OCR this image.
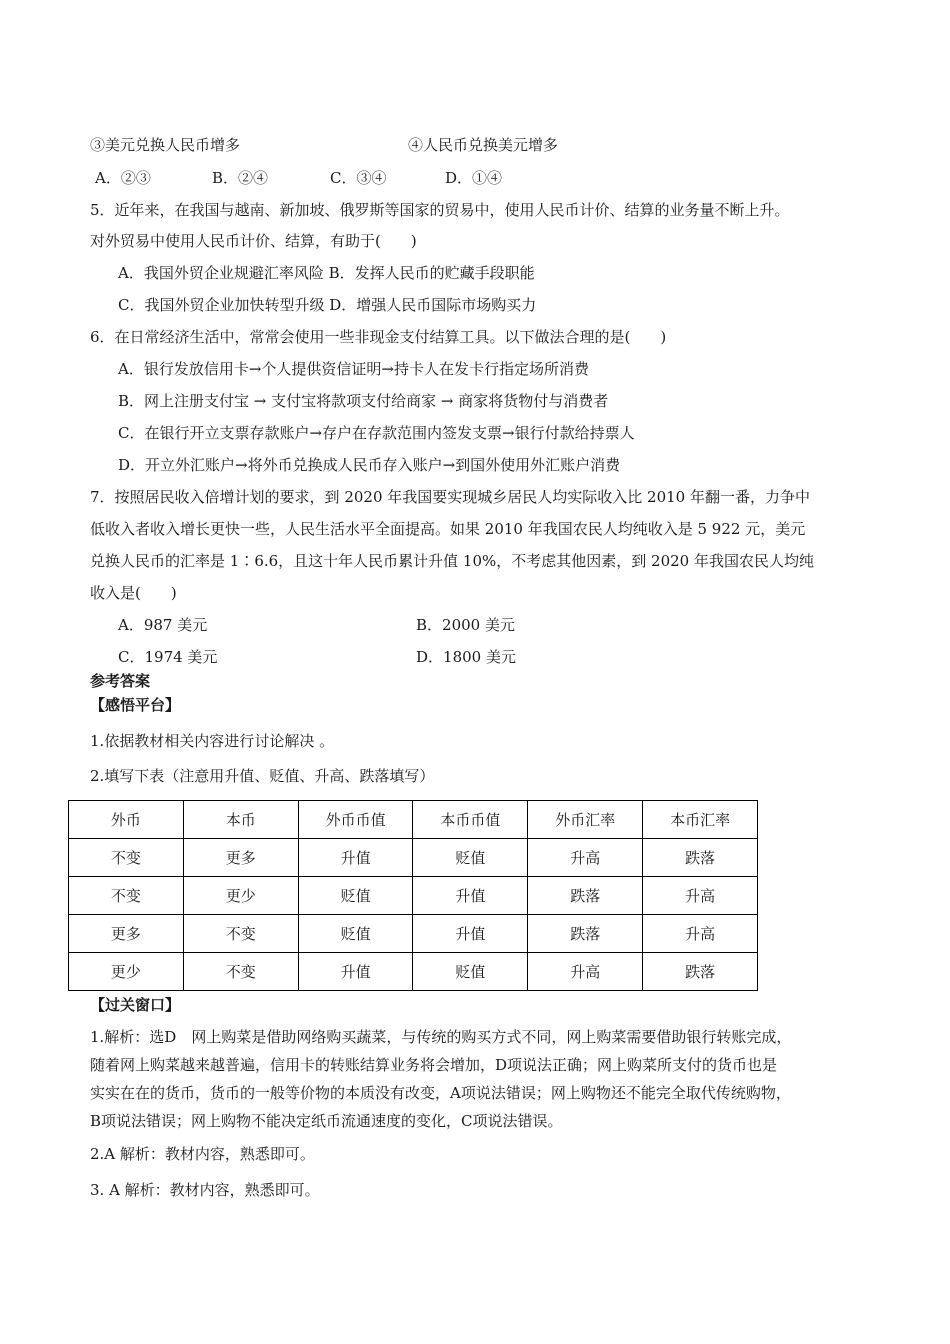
③美元兑换人民币增多	④人民币兑换美元增多
A．②③	B．②④	C．③④	D．①④
5．近年来，在我国与越南、新加坡、俄罗斯等国家的贸易中，使用人民币计价、结算的业务量不断上升。
对外贸易中使用人民币计价、结算，有助于(　　)
A．我国外贸企业规避汇率风险 B．发挥人民币的贮藏手段职能
C．我国外贸企业加快转型升级 D．增强人民币国际市场购买力
6．在日常经济生活中，常常会使用一些非现金支付结算工具。以下做法合理的是(　　)
A．银行发放信用卡→个人提供资信证明→持卡人在发卡行指定场所消费
B．网上注册支付宝 → 支付宝将款项支付给商家 → 商家将货物付与消费者
C．在银行开立支票存款账户→存户在存款范围内签发支票→银行付款给持票人
D．开立外汇账户→将外币兑换成人民币存入账户→到国外使用外汇账户消费
7．按照居民收入倍增计划的要求，到 2020 年我国要实现城乡居民人均实际收入比 2010 年翻一番，力争中
低收入者收入增长更快一些，人民生活水平全面提高。如果 2010 年我国农民人均纯收入是 5 922 元，美元
兑换人民币的汇率是 1∶6.6，且这十年人民币累计升值 10%，不考虑其他因素，到 2020 年我国农民人均纯
收入是(　　)
A．987 美元	B．2000 美元
C．1974 美元	D．1800 美元
参考答案
【感悟平台】
1.依据教材相关内容进行讨论解决 。
2.填写下表（注意用升值、贬值、升高、跌落填写）
外币	本币	外币币值	本币币值	外币汇率	本币汇率
不变	更多	升值	贬值	升高	跌落
不变	更少	贬值	升值	跌落	升高
更多	不变	贬值	升值	跌落	升高
更少	不变	升值	贬值	升高	跌落
【过关窗口】
1.解析：选D　网上购菜是借助网络购买蔬菜，与传统的购买方式不同，网上购菜需要借助银行转账完成，
随着网上购菜越来越普遍，信用卡的转账结算业务将会增加，D项说法正确；网上购菜所支付的货币也是
实实在在的货币，货币的一般等价物的本质没有改变，A项说法错误；网上购物还不能完全取代传统购物，
B项说法错误；网上购物不能决定纸币流通速度的变化，C项说法错误。
2.A 解析：教材内容，熟悉即可。
3. A 解析：教材内容，熟悉即可。
